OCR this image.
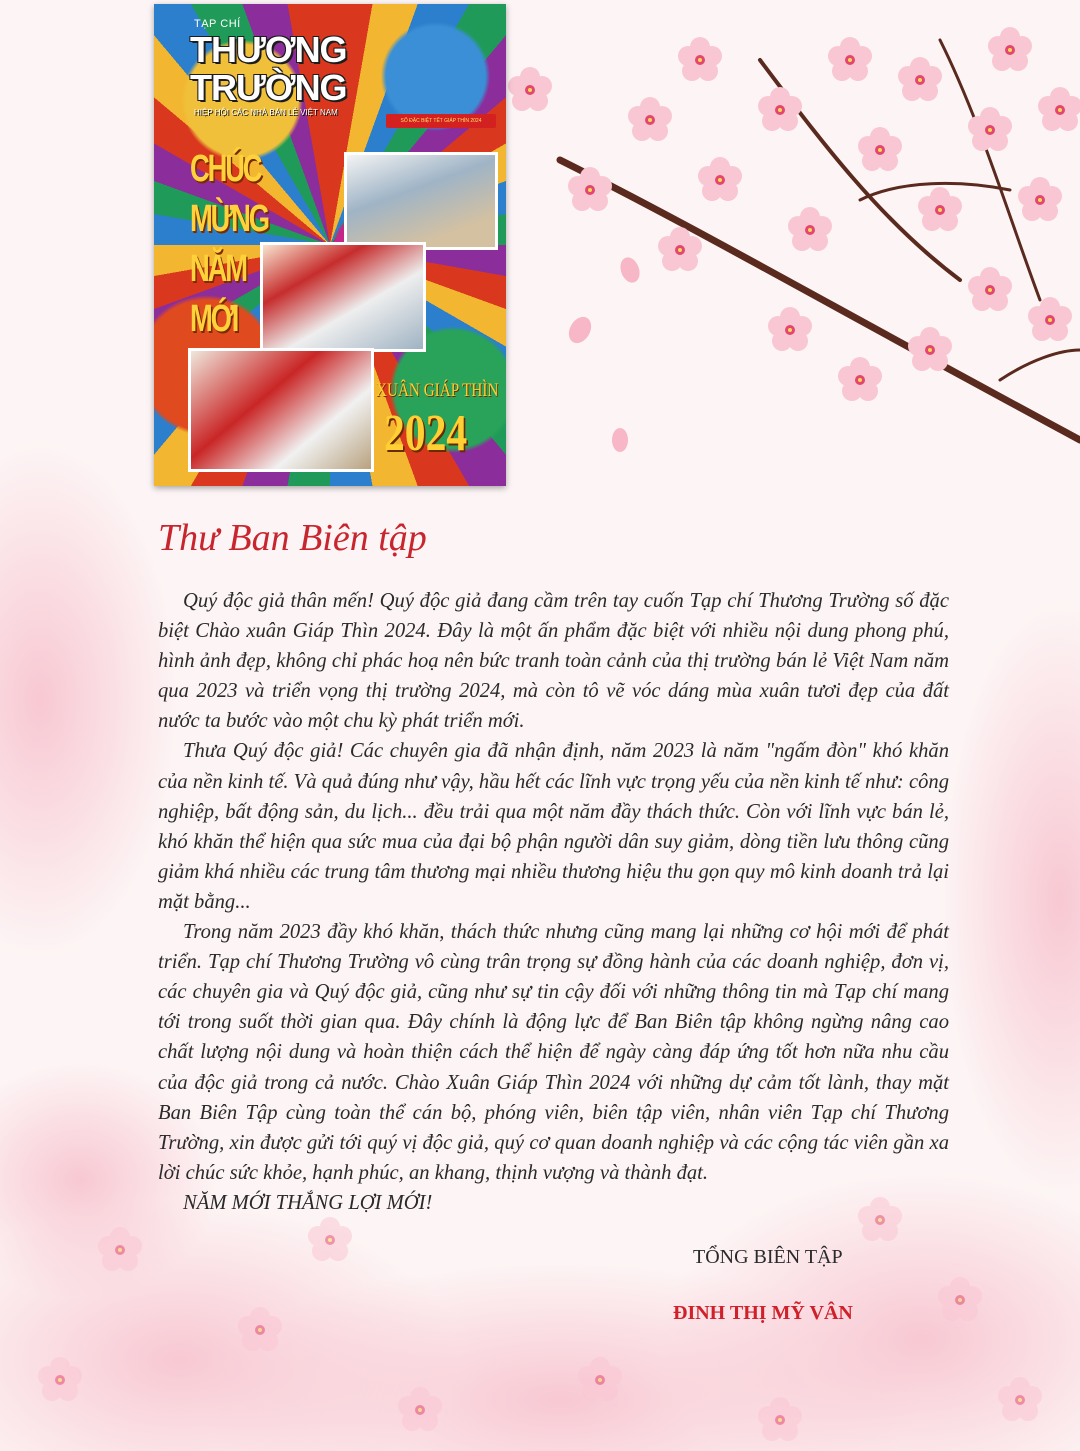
TẠP CHÍ
THƯƠNG
TRƯỜNG
HIỆP HỘI CÁC NHÀ BÁN LẺ VIỆT NAM
SỐ ĐẶC BIỆT TẾT GIÁP THÌN 2024
CHÚC
MỪNG
NĂM
MỚI
XUÂN GIÁP THÌN
2024
Thư Ban Biên tập

Quý độc giả thân mến! Quý độc giả đang cầm trên tay cuốn Tạp chí Thương Trường số đặc biệt Chào xuân Giáp Thìn 2024. Đây là một ấn phẩm đặc biệt với nhiều nội dung phong phú, hình ảnh đẹp, không chỉ phác hoạ nên bức tranh toàn cảnh của thị trường bán lẻ Việt Nam năm qua 2023 và triển vọng thị trường 2024, mà còn tô vẽ vóc dáng mùa xuân tươi đẹp của đất nước ta bước vào một chu kỳ phát triển mới.

Thưa Quý độc giả! Các chuyên gia đã nhận định, năm 2023 là năm "ngấm đòn" khó khăn của nền kinh tế. Và quả đúng như vậy, hầu hết các lĩnh vực trọng yếu của nền kinh tế như: công nghiệp, bất động sản, du lịch... đều trải qua một năm đầy thách thức. Còn với lĩnh vực bán lẻ, khó khăn thể hiện qua sức mua của đại bộ phận người dân suy giảm, dòng tiền lưu thông cũng giảm khá nhiều các trung tâm thương mại nhiều thương hiệu thu gọn quy mô kinh doanh trả lại mặt bằng...

Trong năm 2023 đầy khó khăn, thách thức nhưng cũng mang lại những cơ hội mới để phát triển. Tạp chí Thương Trường vô cùng trân trọng sự đồng hành của các doanh nghiệp, đơn vị, các chuyên gia và Quý độc giả, cũng như sự tin cậy đối với những thông tin mà Tạp chí mang tới trong suốt thời gian qua. Đây chính là động lực để Ban Biên tập không ngừng nâng cao chất lượng nội dung và hoàn thiện cách thể hiện để ngày càng đáp ứng tốt hơn nữa nhu cầu của độc giả trong cả nước. Chào Xuân Giáp Thìn 2024 với những dự cảm tốt lành, thay mặt Ban Biên Tập cùng toàn thể cán bộ, phóng viên, biên tập viên, nhân viên Tạp chí Thương Trường, xin được gửi tới quý vị độc giả, quý cơ quan doanh nghiệp và các cộng tác viên gần xa lời chúc sức khỏe, hạnh phúc, an khang, thịnh vượng và thành đạt.

NĂM MỚI THẮNG LỢI MỚI!

TỔNG BIÊN TẬP
ĐINH THỊ MỸ VÂN
